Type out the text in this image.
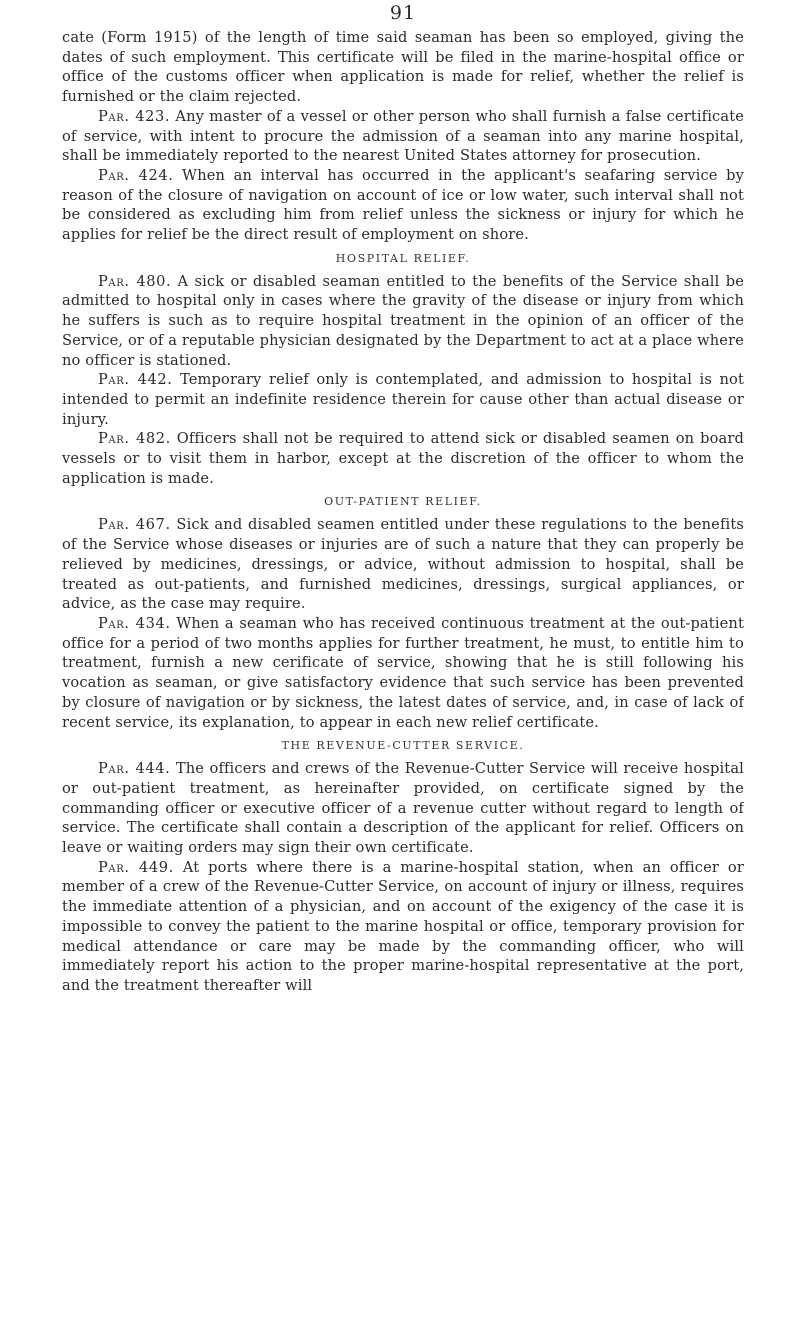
91

cate (Form 1915) of the length of time said seaman has been so employed, giving the dates of such employment. This certificate will be filed in the marine-hospital office or office of the customs officer when application is made for relief, whether the relief is furnished or the claim rejected.

Par. 423. Any master of a vessel or other person who shall furnish a false certificate of service, with intent to procure the admission of a seaman into any marine hospital, shall be immediately reported to the nearest United States attorney for prosecution.

Par. 424. When an interval has occurred in the applicant's seafaring service by reason of the closure of navigation on account of ice or low water, such interval shall not be considered as excluding him from relief unless the sickness or injury for which he applies for relief be the direct result of employment on shore.

HOSPITAL RELIEF.

Par. 480. A sick or disabled seaman entitled to the benefits of the Service shall be admitted to hospital only in cases where the gravity of the disease or injury from which he suffers is such as to require hospital treatment in the opinion of an officer of the Service, or of a reputable physician designated by the Department to act at a place where no officer is stationed.

Par. 442. Temporary relief only is contemplated, and admission to hospital is not intended to permit an indefinite residence therein for cause other than actual disease or injury.

Par. 482. Officers shall not be required to attend sick or disabled seamen on board vessels or to visit them in harbor, except at the discretion of the officer to whom the application is made.

OUT-PATIENT RELIEF.

Par. 467. Sick and disabled seamen entitled under these regulations to the benefits of the Service whose diseases or injuries are of such a nature that they can properly be relieved by medicines, dressings, or advice, without admission to hospital, shall be treated as out-patients, and furnished medicines, dressings, surgical appliances, or advice, as the case may require.

Par. 434. When a seaman who has received continuous treatment at the out-patient office for a period of two months applies for further treatment, he must, to entitle him to treatment, furnish a new cerificate of service, showing that he is still following his vocation as seaman, or give satisfactory evidence that such service has been prevented by closure of navigation or by sickness, the latest dates of service, and, in case of lack of recent service, its explanation, to appear in each new relief certificate.

THE REVENUE-CUTTER SERVICE.

Par. 444. The officers and crews of the Revenue-Cutter Service will receive hospital or out-patient treatment, as hereinafter provided, on certificate signed by the commanding officer or executive officer of a revenue cutter without regard to length of service. The certificate shall contain a description of the applicant for relief. Officers on leave or waiting orders may sign their own certificate.

Par. 449. At ports where there is a marine-hospital station, when an officer or member of a crew of the Revenue-Cutter Service, on account of injury or illness, requires the immediate attention of a physician, and on account of the exigency of the case it is impossible to convey the patient to the marine hospital or office, temporary provision for medical attendance or care may be made by the commanding officer, who will immediately report his action to the proper marine-hospital representative at the port, and the treatment thereafter will
